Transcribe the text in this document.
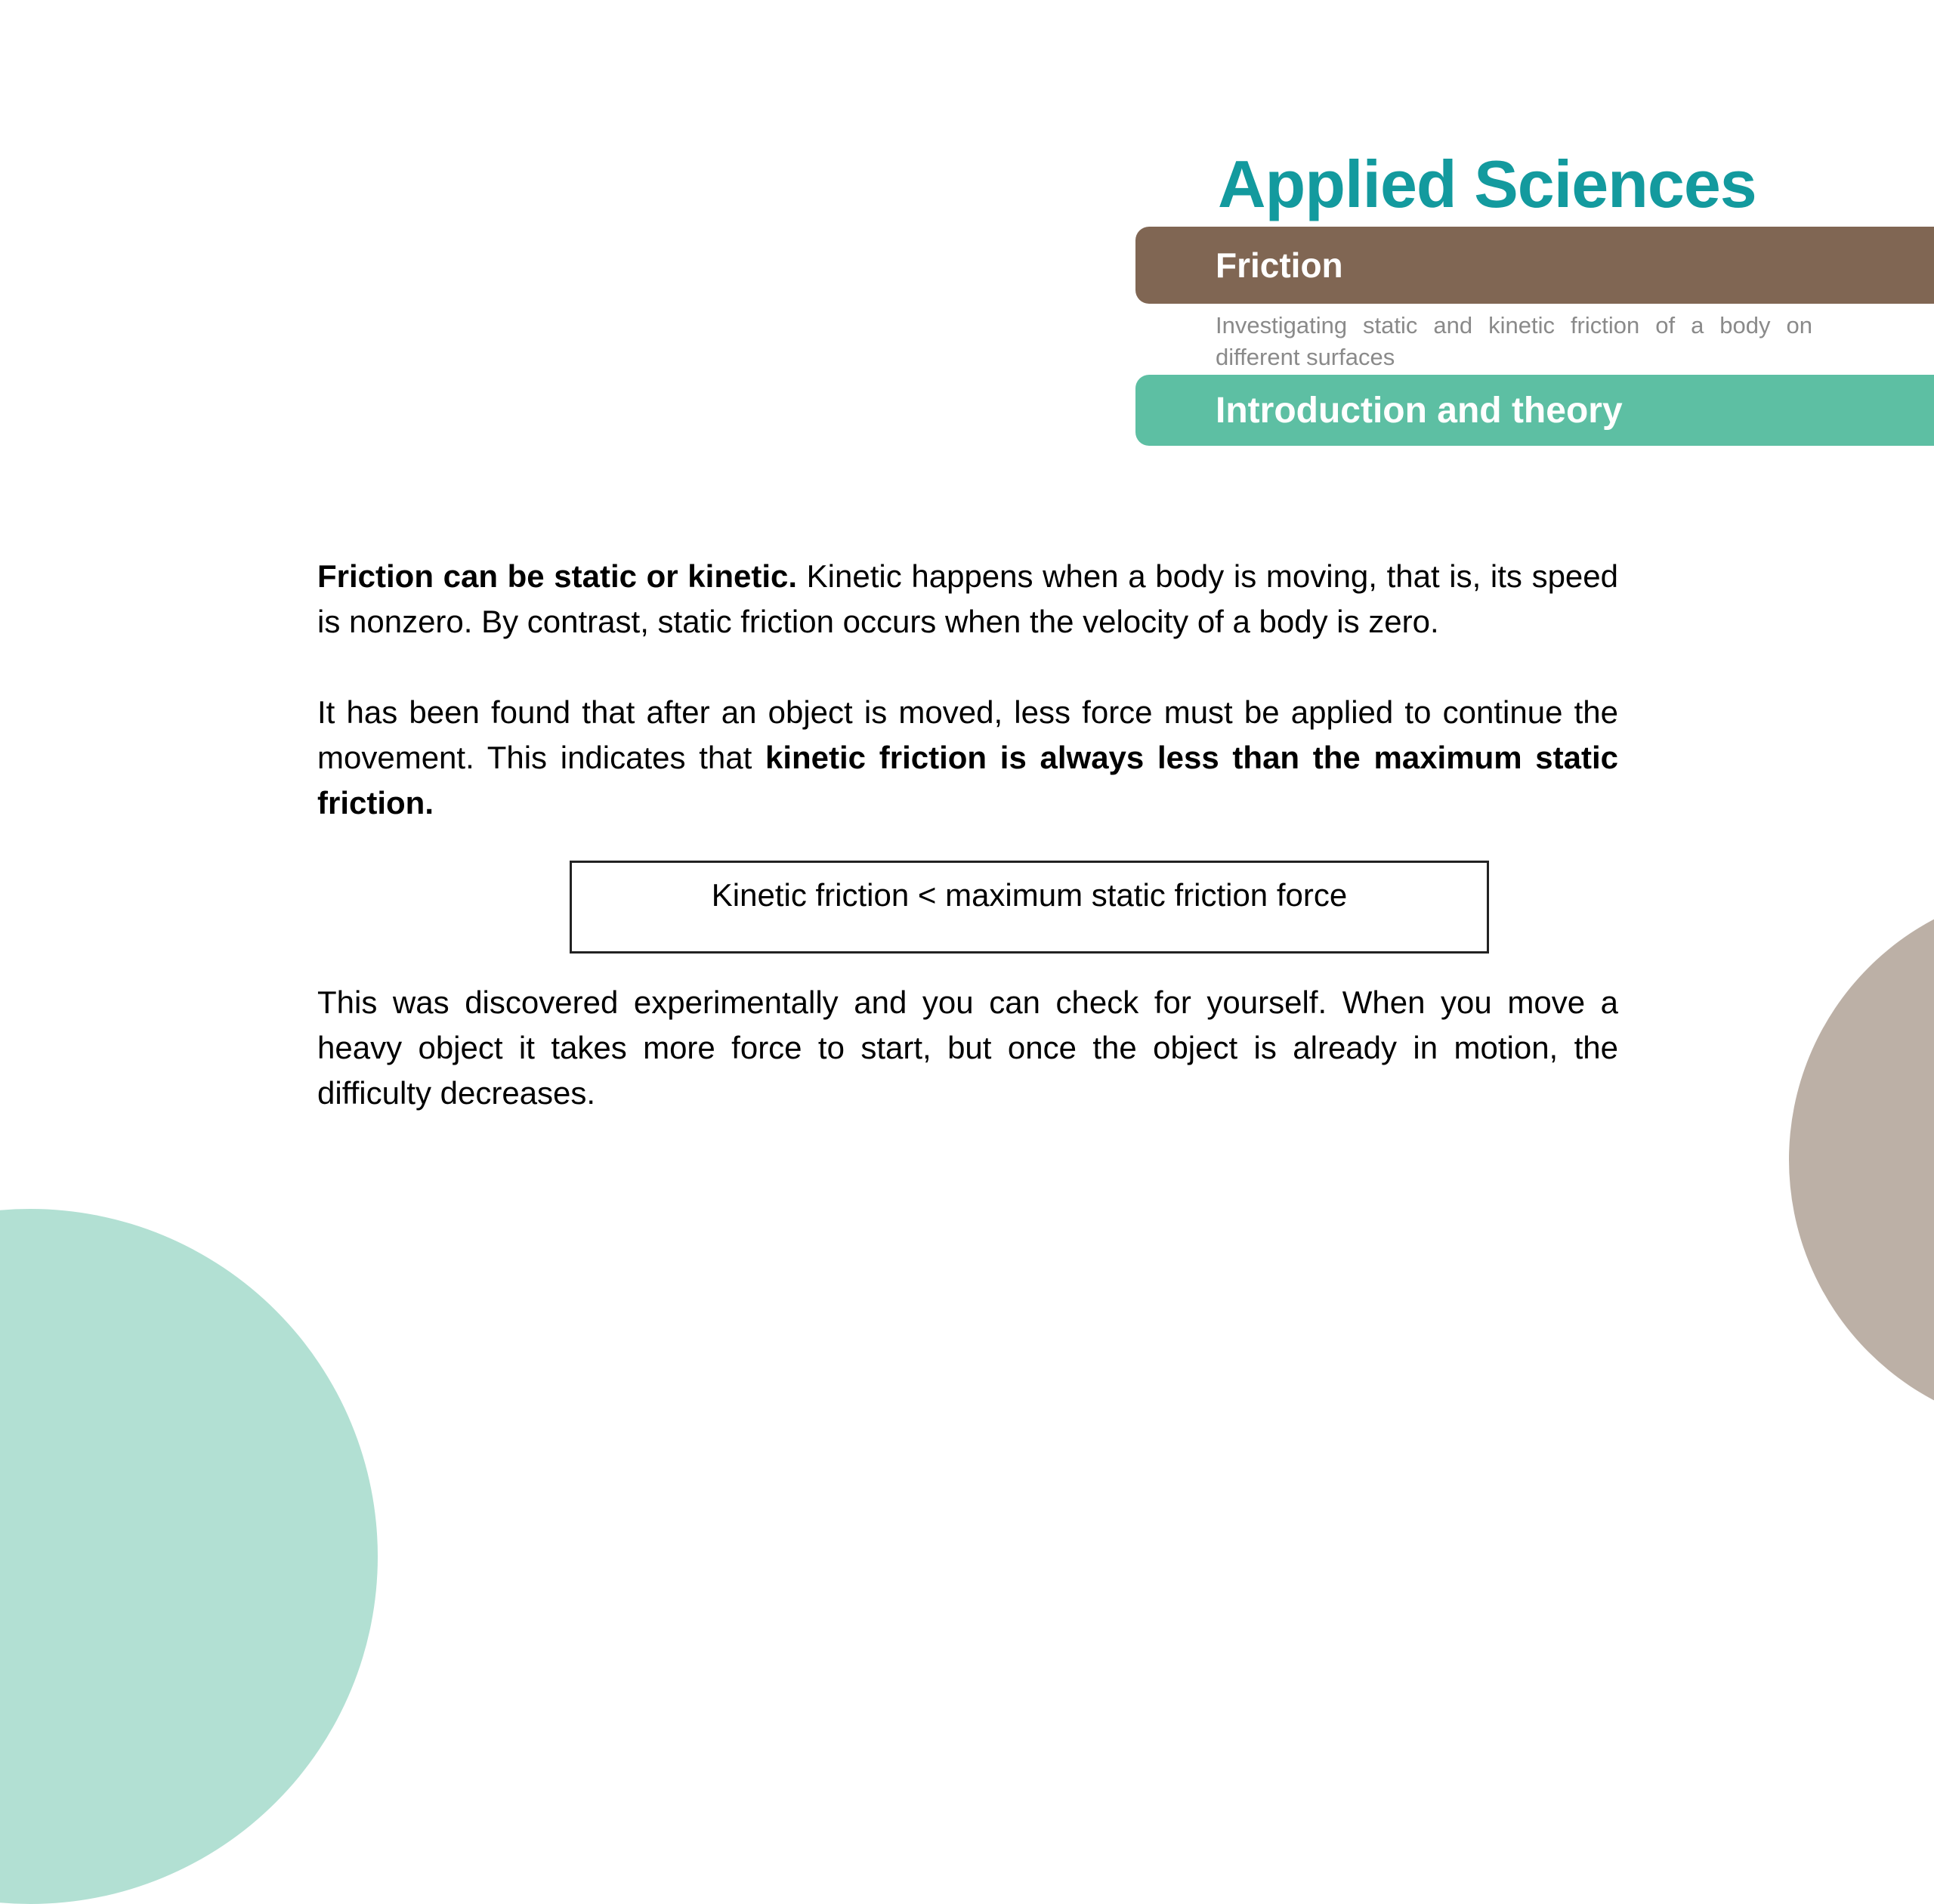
Applied Sciences
Friction

Investigating static and kinetic friction of a body on different surfaces

Introduction and theory

Friction can be static or kinetic. Kinetic happens when a body is moving, that is, its speed is nonzero. By contrast, static friction occurs when the velocity of a body is zero.

It has been found that after an object is moved, less force must be applied to continue the movement. This indicates that kinetic friction is always less than the maximum static friction.

Kinetic friction < maximum static friction force

This was discovered experimentally and you can check for yourself. When you move a heavy object it takes more force to start, but once the object is already in motion, the difficulty decreases.
